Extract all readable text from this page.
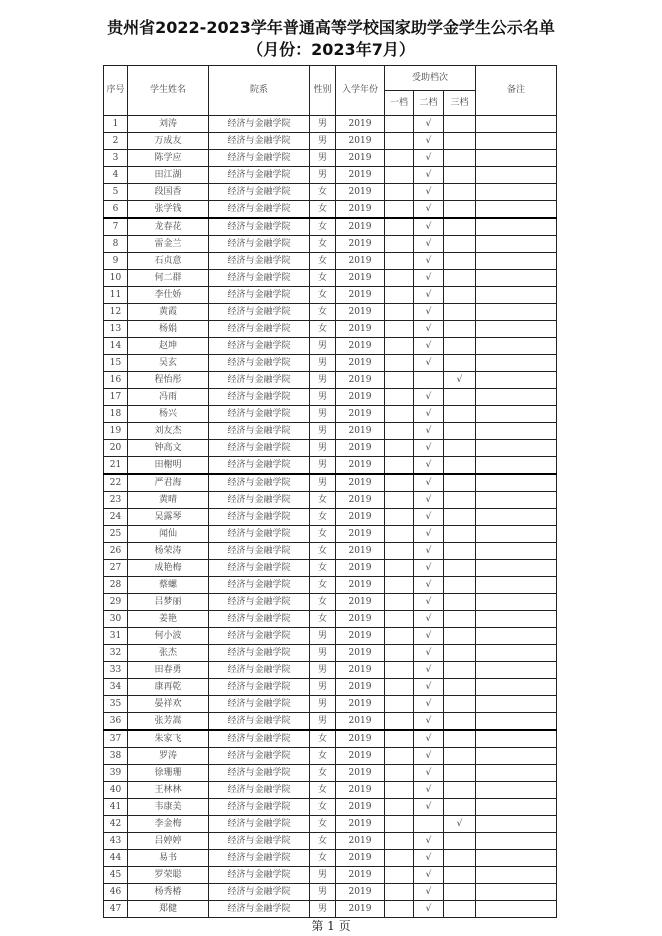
贵州省2022-2023学年普通高等学校国家助学金学生公示名单
（月份：2023年7月）
序号	学生姓名	院系	性别	入学年份	受助档次			备注
					一档	二档	三档	
1	刘涛	经济与金融学院	男	2019		√		
2	万成友	经济与金融学院	男	2019		√		
3	陈学应	经济与金融学院	男	2019		√		
4	田江湖	经济与金融学院	男	2019		√		
5	段国香	经济与金融学院	女	2019		√		
6	张学钱	经济与金融学院	女	2019		√		
7	龙春花	经济与金融学院	女	2019		√		
8	雷金兰	经济与金融学院	女	2019		√		
9	石贞意	经济与金融学院	女	2019		√		
10	何二群	经济与金融学院	女	2019		√		
11	李仕娇	经济与金融学院	女	2019		√		
12	黄霞	经济与金融学院	女	2019		√		
13	杨娟	经济与金融学院	女	2019		√		
14	赵坤	经济与金融学院	男	2019		√		
15	吴玄	经济与金融学院	男	2019		√		
16	程怡彤	经济与金融学院	男	2019			√	
17	冯雨	经济与金融学院	男	2019		√		
18	杨兴	经济与金融学院	男	2019		√		
19	刘友杰	经济与金融学院	男	2019		√		
20	钟高文	经济与金融学院	男	2019		√		
21	田榭明	经济与金融学院	男	2019		√		
22	严君海	经济与金融学院	男	2019		√		
23	黄晴	经济与金融学院	女	2019		√		
24	吴露琴	经济与金融学院	女	2019		√		
25	闻仙	经济与金融学院	女	2019		√		
26	杨荣涛	经济与金融学院	女	2019		√		
27	成艳梅	经济与金融学院	女	2019		√		
28	蔡螺	经济与金融学院	女	2019		√		
29	吕梦丽	经济与金融学院	女	2019		√		
30	姜艳	经济与金融学院	女	2019		√		
31	何小波	经济与金融学院	男	2019		√		
32	张杰	经济与金融学院	男	2019		√		
33	田春勇	经济与金融学院	男	2019		√		
34	康再乾	经济与金融学院	男	2019		√		
35	晏祥欢	经济与金融学院	男	2019		√		
36	张芳嵩	经济与金融学院	男	2019		√		
37	朱家飞	经济与金融学院	女	2019		√		
38	罗涛	经济与金融学院	女	2019		√		
39	徐珊珊	经济与金融学院	女	2019		√		
40	王林林	经济与金融学院	女	2019		√		
41	韦康美	经济与金融学院	女	2019		√		
42	李金梅	经济与金融学院	女	2019			√	
43	吕婷婷	经济与金融学院	女	2019		√		
44	易书	经济与金融学院	女	2019		√		
45	罗荣聪	经济与金融学院	男	2019		√		
46	杨秀椿	经济与金融学院	男	2019		√		
47	郑健	经济与金融学院	男	2019		√		
第 1 页
